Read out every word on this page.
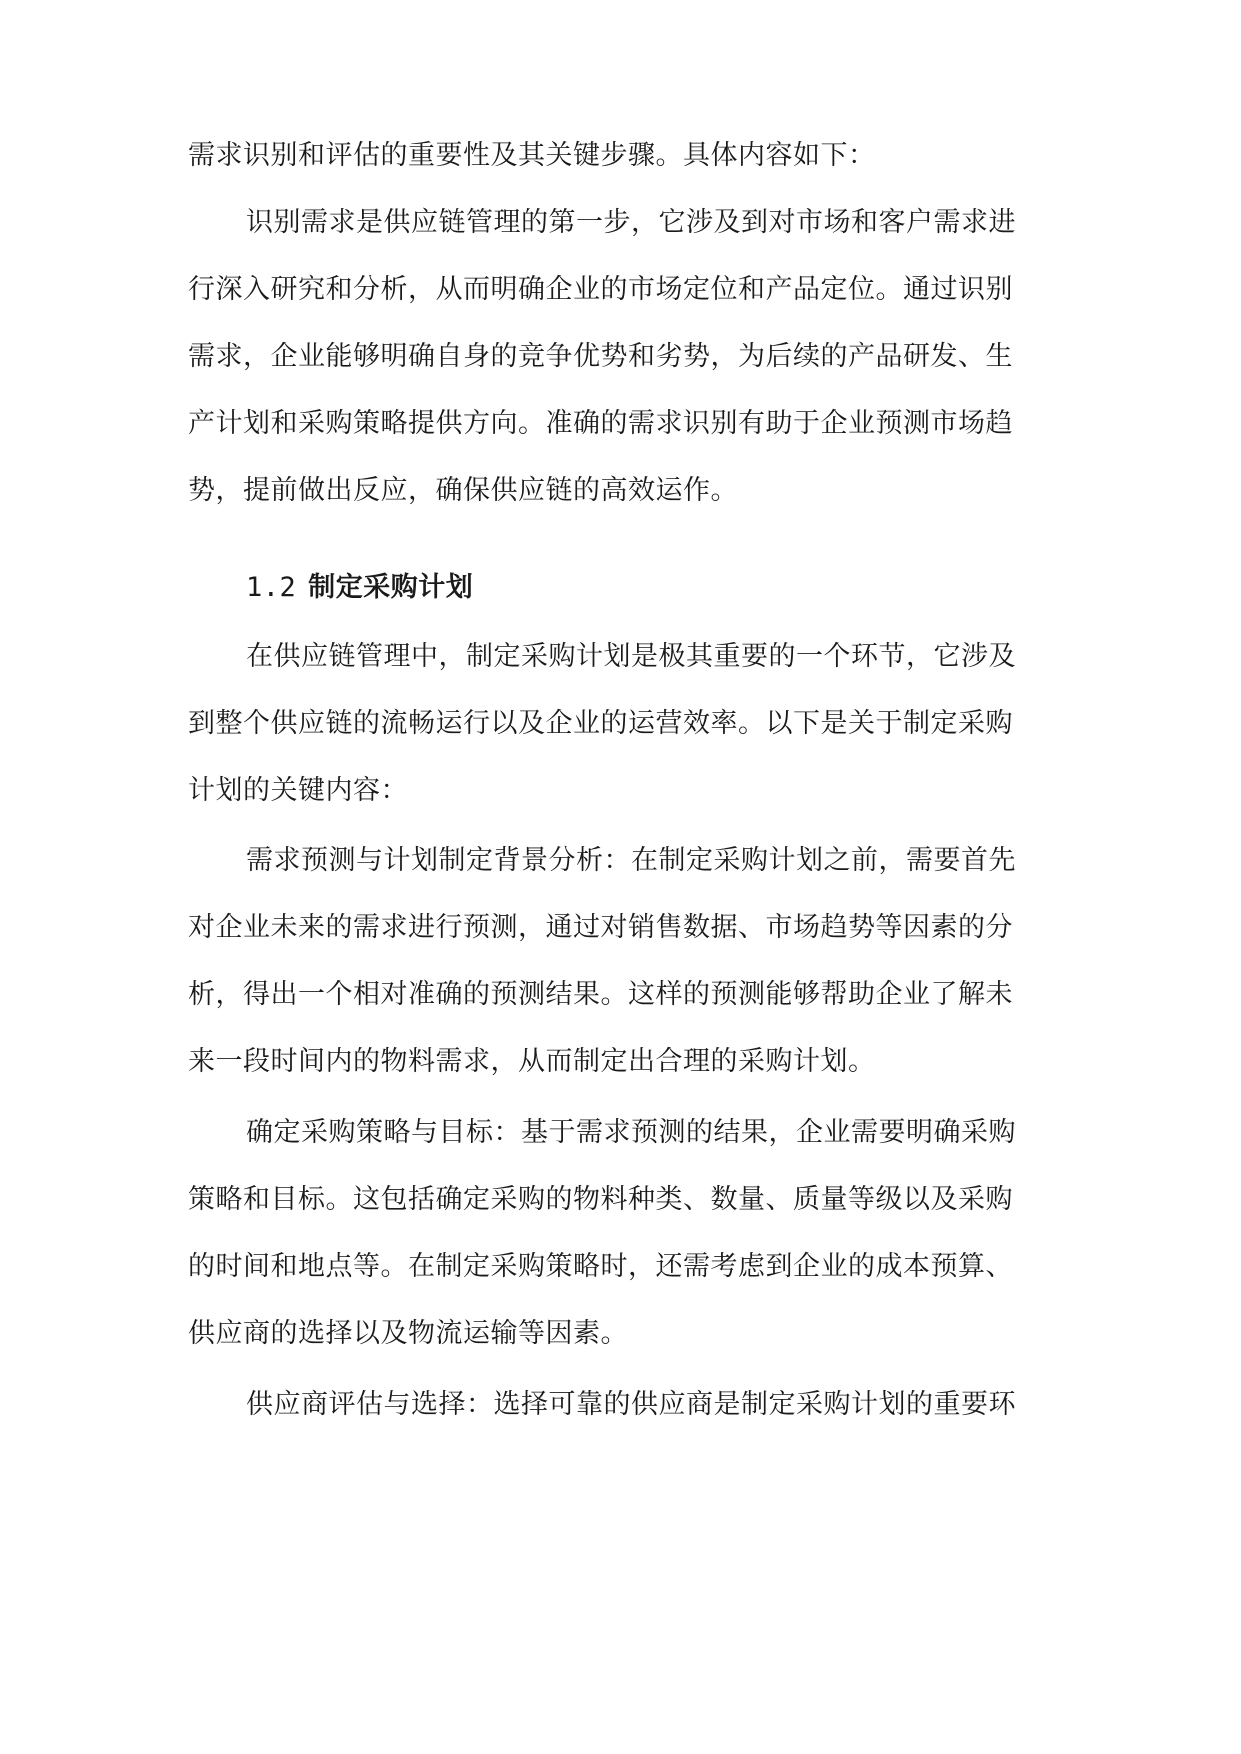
需求识别和评估的重要性及其关键步骤。具体内容如下：
识别需求是供应链管理的第一步，它涉及到对市场和客户需求进
行深入研究和分析，从而明确企业的市场定位和产品定位。通过识别
需求，企业能够明确自身的竞争优势和劣势，为后续的产品研发、生
产计划和采购策略提供方向。准确的需求识别有助于企业预测市场趋
势，提前做出反应，确保供应链的高效运作。
1.2 制定采购计划
在供应链管理中，制定采购计划是极其重要的一个环节，它涉及
到整个供应链的流畅运行以及企业的运营效率。以下是关于制定采购
计划的关键内容：
需求预测与计划制定背景分析：在制定采购计划之前，需要首先
对企业未来的需求进行预测，通过对销售数据、市场趋势等因素的分
析，得出一个相对准确的预测结果。这样的预测能够帮助企业了解未
来一段时间内的物料需求，从而制定出合理的采购计划。
确定采购策略与目标：基于需求预测的结果，企业需要明确采购
策略和目标。这包括确定采购的物料种类、数量、质量等级以及采购
的时间和地点等。在制定采购策略时，还需考虑到企业的成本预算、
供应商的选择以及物流运输等因素。
供应商评估与选择：选择可靠的供应商是制定采购计划的重要环
